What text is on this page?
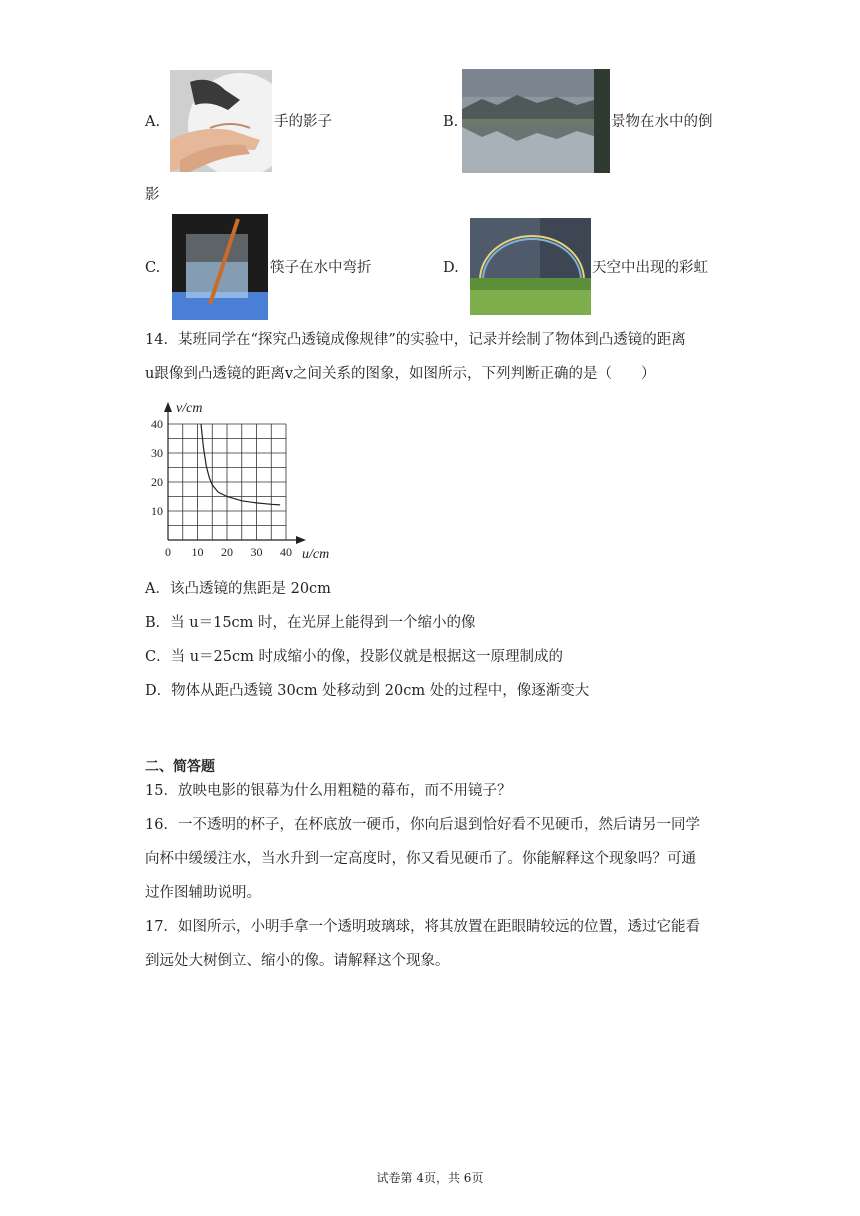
A.	手的影子	B.	景物在水中的倒
影
C.	筷子在水中弯折	D.	天空中出现的彩虹
14．某班同学在“探究凸透镜成像规律”的实验中，记录并绘制了物体到凸透镜的距离
u跟像到凸透镜的距离v之间关系的图象，如图所示，下列判断正确的是（　　）
0 10 20 30 40
10
20
30
40
v/cm
u/cm
A．该凸透镜的焦距是 20cm
B．当 u＝15cm 时，在光屏上能得到一个缩小的像
C．当 u＝25cm 时成缩小的像，投影仪就是根据这一原理制成的
D．物体从距凸透镜 30cm 处移动到 20cm 处的过程中，像逐渐变大
二、简答题
15．放映电影的银幕为什么用粗糙的幕布，而不用镜子？
16．一不透明的杯子，在杯底放一硬币，你向后退到恰好看不见硬币，然后请另一同学
向杯中缓缓注水，当水升到一定高度时，你又看见硬币了。你能解释这个现象吗？可通
过作图辅助说明。
17．如图所示，小明手拿一个透明玻璃球，将其放置在距眼睛较远的位置，透过它能看
到远处大树倒立、缩小的像。请解释这个现象。
试卷第 4页，共 6页
